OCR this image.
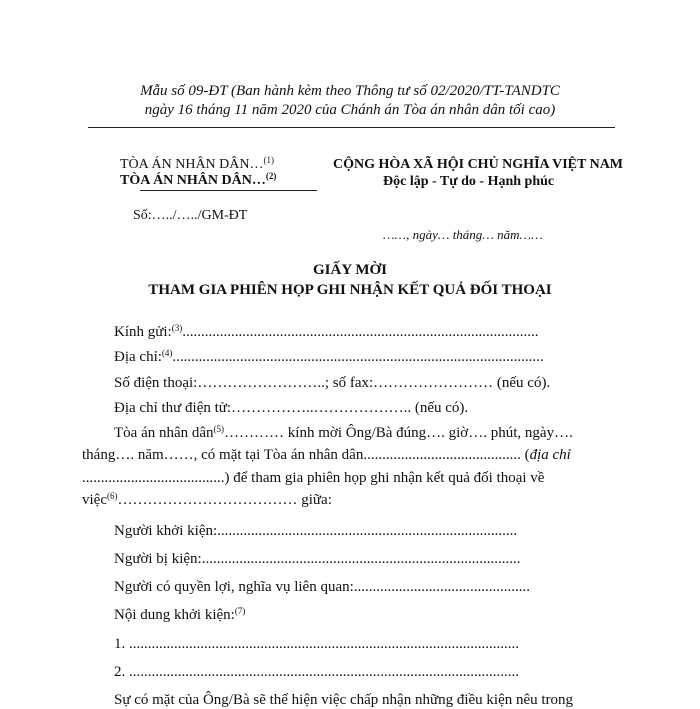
Mẫu số 09-ĐT (Ban hành kèm theo Thông tư số 02/2020/TT-TANDTC
ngày 16 tháng 11 năm 2020 của Chánh án Tòa án nhân dân tối cao)
TÒA ÁN NHÂN DÂN…$^{(1)}$
TÒA ÁN NHÂN DÂN…$^{(2)}$
CỘNG HÒA XÃ HỘI CHỦ NGHĨA VIỆT NAM
Độc lập - Tự do - Hạnh phúc
Số:…../…../GM-ĐT
……, ngày… tháng… năm……
GIẤY MỜI
THAM GIA PHIÊN HỌP GHI NHẬN KẾT QUẢ ĐỐI THOẠI
Kính gửi:$^{(3)}$...............................................................................................
Địa chỉ:$^{(4)}$...................................................................................................
Số điện thoại:……………………..; số fax:…………………… (nếu có).
Địa chỉ thư điện tử:……………..……………….. (nếu có).
Tòa án nhân dân$^{(5)}$………… kính mời Ông/Bà đúng…. giờ…. phút, ngày….
tháng…. năm……, có mặt tại Tòa án nhân dân.......................................... (địa chỉ
......................................) để tham gia phiên họp ghi nhận kết quả đối thoại về
việc$^{(6)}$……………………………… giữa:
Người khởi kiện:................................................................................
Người bị kiện:.....................................................................................
Người có quyền lợi, nghĩa vụ liên quan:...............................................
Nội dung khởi kiện:$^{(7)}$
1. ........................................................................................................
2. ........................................................................................................
Sự có mặt của Ông/Bà sẽ thể hiện việc chấp nhận những điều kiện nêu trong
